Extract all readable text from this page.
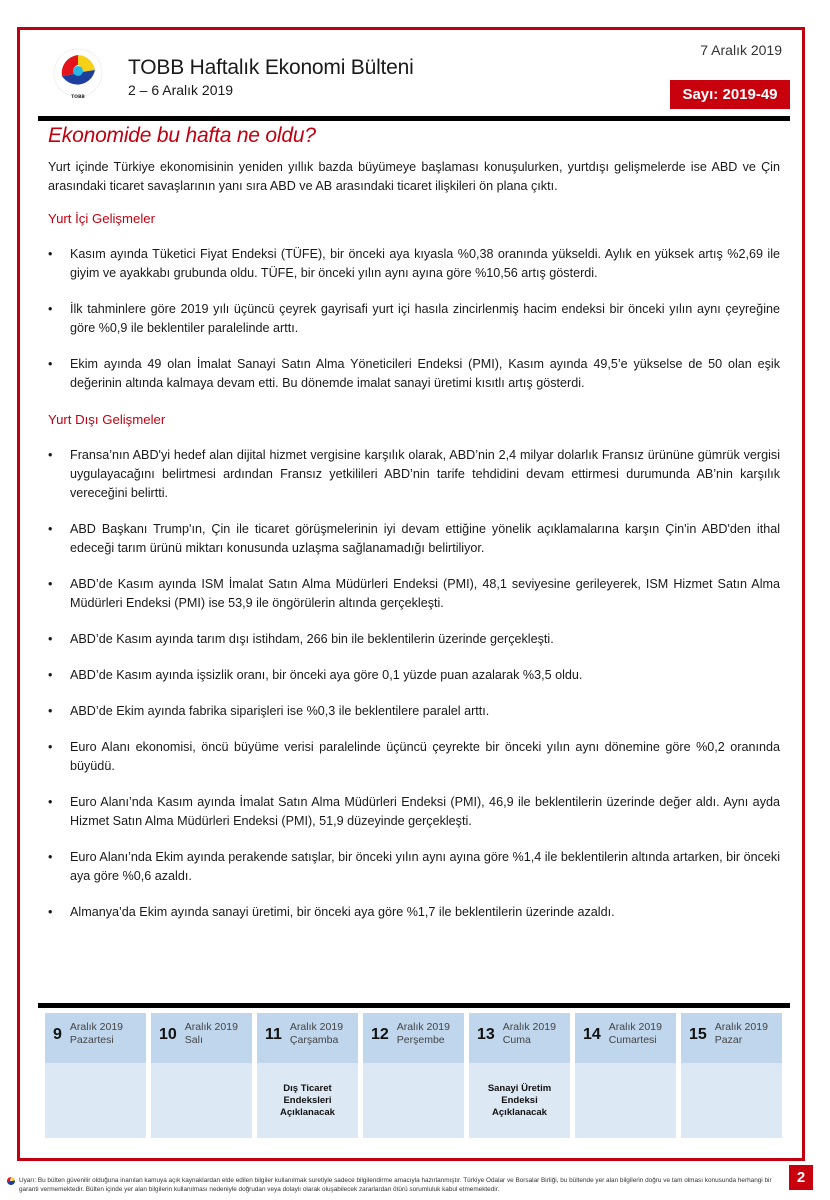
TOBB
TOBB Haftalık Ekonomi Bülteni
2 – 6 Aralık 2019
7 Aralık 2019
Sayı: 2019-49
Ekonomide bu hafta ne oldu?

Yurt içinde Türkiye ekonomisinin yeniden yıllık bazda büyümeye başlaması konuşulurken, yurtdışı gelişmelerde ise ABD ve Çin arasındaki ticaret savaşlarının yanı sıra ABD ve AB arasındaki ticaret ilişkileri ön plana çıktı.

Yurt İçi Gelişmeler
• Kasım ayında Tüketici Fiyat Endeksi (TÜFE), bir önceki aya kıyasla %0,38 oranında yükseldi. Aylık en yüksek artış %2,69 ile giyim ve ayakkabı grubunda oldu. TÜFE, bir önceki yılın aynı ayına göre %10,56 artış gösterdi.
• İlk tahminlere göre 2019 yılı üçüncü çeyrek gayrisafi yurt içi hasıla zincirlenmiş hacim endeksi bir önceki yılın aynı çeyreğine göre %0,9 ile beklentiler paralelinde arttı.
• Ekim ayında 49 olan İmalat Sanayi Satın Alma Yöneticileri Endeksi (PMI), Kasım ayında 49,5’e yükselse de 50 olan eşik değerinin altında kalmaya devam etti. Bu dönemde imalat sanayi üretimi kısıtlı artış gösterdi.
Yurt Dışı Gelişmeler
• Fransa’nın ABD'yi hedef alan dijital hizmet vergisine karşılık olarak, ABD’nin 2,4 milyar dolarlık Fransız ürününe gümrük vergisi uygulayacağını belirtmesi ardından Fransız yetkilileri ABD’nin tarife tehdidini devam ettirmesi durumunda AB’nin karşılık vereceğini belirtti.
• ABD Başkanı Trump'ın, Çin ile ticaret görüşmelerinin iyi devam ettiğine yönelik açıklamalarına karşın Çin'in ABD'den ithal edeceği tarım ürünü miktarı konusunda uzlaşma sağlanamadığı belirtiliyor.
• ABD’de Kasım ayında ISM İmalat Satın Alma Müdürleri Endeksi (PMI), 48,1 seviyesine gerileyerek, ISM Hizmet Satın Alma Müdürleri Endeksi (PMI) ise 53,9 ile öngörülerin altında gerçekleşti.
• ABD’de Kasım ayında tarım dışı istihdam, 266 bin ile beklentilerin üzerinde gerçekleşti.
• ABD’de Kasım ayında işsizlik oranı, bir önceki aya göre 0,1 yüzde puan azalarak %3,5 oldu.
• ABD’de Ekim ayında fabrika siparişleri ise %0,3 ile beklentilere paralel arttı.
• Euro Alanı ekonomisi, öncü büyüme verisi paralelinde üçüncü çeyrekte bir önceki yılın aynı dönemine göre %0,2 oranında büyüdü.
• Euro Alanı’nda Kasım ayında İmalat Satın Alma Müdürleri Endeksi (PMI), 46,9 ile beklentilerin üzerinde değer aldı. Aynı ayda Hizmet Satın Alma Müdürleri Endeksi (PMI), 51,9 düzeyinde gerçekleşti.
• Euro Alanı’nda Ekim ayında perakende satışlar, bir önceki yılın aynı ayına göre %1,4 ile beklentilerin altında artarken, bir önceki aya göre %0,6 azaldı.
• Almanya’da Ekim ayında sanayi üretimi, bir önceki aya göre %1,7 ile beklentilerin üzerinde azaldı.
9 Aralık 2019
Pazartesi	10 Aralık 2019
Salı	11 Aralık 2019
Çarşamba
Dış Ticaret Endeksleri Açıklanacak
12 Aralık 2019
Perşembe	13 Aralık 2019
Cuma
Sanayi Üretim Endeksi Açıklanacak
14 Aralık 2019
Cumartesi	15 Aralık 2019
Pazar
Uyarı: Bu bülten güvenilir olduğuna inanılan kamuya açık kaynaklardan elde edilen bilgiler kullanılmak suretiyle sadece bilgilendirme amacıyla hazırlanmıştır. Türkiye Odalar ve Borsalar Birliği, bu bültende yer alan bilgilerin doğru ve tam olması konusunda herhangi bir garanti vermemektedir. Bülten içinde yer alan bilgilerin kullanılması nedeniyle doğrudan veya dolaylı olarak oluşabilecek zararlardan ötürü sorumluluk kabul etmemektedir.
2
